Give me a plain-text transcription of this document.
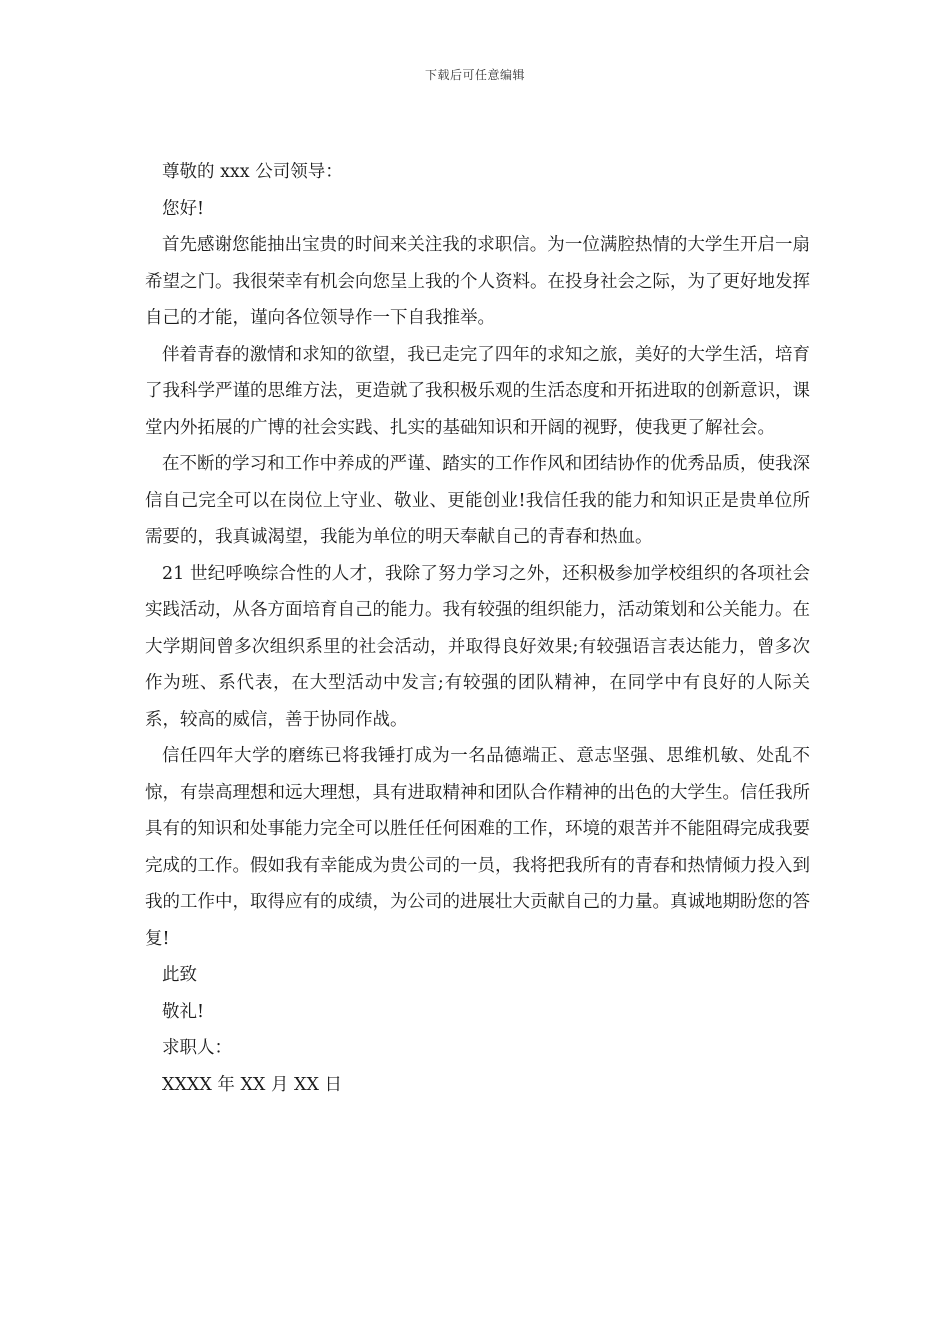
下载后可任意编辑

尊敬的 xxx 公司领导：

您好!

首先感谢您能抽出宝贵的时间来关注我的求职信。为一位满腔热情的大学生开启一扇希望之门。我很荣幸有机会向您呈上我的个人资料。在投身社会之际，为了更好地发挥自己的才能，谨向各位领导作一下自我推举。

伴着青春的激情和求知的欲望，我已走完了四年的求知之旅，美好的大学生活，培育了我科学严谨的思维方法，更造就了我积极乐观的生活态度和开拓进取的创新意识，课堂内外拓展的广博的社会实践、扎实的基础知识和开阔的视野，使我更了解社会。

在不断的学习和工作中养成的严谨、踏实的工作作风和团结协作的优秀品质，使我深信自己完全可以在岗位上守业、敬业、更能创业!我信任我的能力和知识正是贵单位所需要的，我真诚渴望，我能为单位的明天奉献自己的青春和热血。

21 世纪呼唤综合性的人才，我除了努力学习之外，还积极参加学校组织的各项社会实践活动，从各方面培育自己的能力。我有较强的组织能力，活动策划和公关能力。在大学期间曾多次组织系里的社会活动，并取得良好效果;有较强语言表达能力，曾多次作为班、系代表，在大型活动中发言;有较强的团队精神，在同学中有良好的人际关系，较高的威信，善于协同作战。

信任四年大学的磨练已将我锤打成为一名品德端正、意志坚强、思维机敏、处乱不惊，有崇高理想和远大理想，具有进取精神和团队合作精神的出色的大学生。信任我所具有的知识和处事能力完全可以胜任任何困难的工作，环境的艰苦并不能阻碍完成我要完成的工作。假如我有幸能成为贵公司的一员，我将把我所有的青春和热情倾力投入到我的工作中，取得应有的成绩，为公司的进展壮大贡献自己的力量。真诚地期盼您的答复!

此致

敬礼!

求职人：

XXXX 年 XX 月 XX 日
